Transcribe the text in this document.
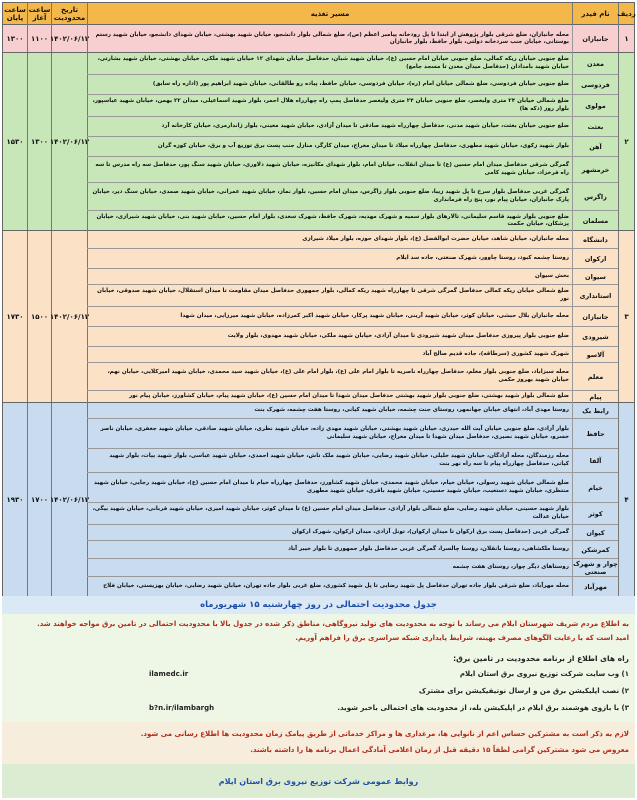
ردیف
نام فیدر
مسیر تغذیه
تاریخ محدودیت
ساعت آغاز
ساعت پایان
۱
۱۴۰۲/۰۶/۱۲
۱۱۰۰
۱۳۰۰	جانبازان
محله جانبازان، ضلع شرقی بلوار پژوهش از ابتدا تا پل رودخانه پیامبر اعظم (ص)، ضلع شمالی بلوار دانشجو، خیابان شهید بهشتی، خیابان شهدای دانشجو، خیابان شهید رستم بوستانی، خیابان جنب سردخانه دولتی، بلوار حافظ، بلوار جانبازان
۲
۱۴۰۲/۰۶/۱۲
۱۳۰۰
۱۵۳۰
معدن
ضلع جنوبی خیابان ریکه کمالی، ضلع جنوبی خیابان امام حسین (ع)، خیابان شهید شبان، حدفاصل خیابان شهدای ۱۲ خیابان شهید ملکی، خیابان بهشتی، خیابان شهید بشارتی، خیابان شهید بامدادان (حدفاصل میدان معدن تا مسجد جامع)
فردوسی
ضلع جنوبی خیابان فردوسی، ضلع شمالی خیابان امام (ره)، خیابان فردوسی، خیابان حافظ، پیاده رو طالقانی، خیابان شهید ابراهیم پور (اداره راه سابق)
مولوی
ضلع شمالی خیابان ۲۴ متری ولیعصر، ضلع جنوبی خیابان ۲۴ متری ولیعصر حدفاصل پمپ راه چهارراه هلال احمر، بلوار شهید اسماعیلی، میدان ۲۲ بهمن، خیابان شهید عباسپور، بلوار روز (دکه ها)
بعثت
ضلع جنوبی خیابان بعثت، خیابان شهید مدنی، حدفاصل چهارراه شهید صادقی تا میدان آزادی، خیابان شهید معینی، بلوار ژاندارمری، خیابان کارخانه آرد
آهن
بلوار شهید زکوی، خیابان شهید مطهری، حدفاصل چهارراه میلاد تا میدان معراج، میدان کارگر، منازل جنب پست برق توزیع آب و برق، خیابان کوزه گران
خرمشهر
گمرگی شرقی حدفاصل میدان امام حسین (ع) تا میدان انقلاب، خیابان امام، بلوار شهدای مکانیزه، خیابان شهید دلاوری، خیابان شهید سنگ پور، حدفاصل سه راه مدرس تا سه راه فرخزاد، خیابان شهید کامی
زاگرس
گمرگی غربی حدفاصل بلوار سرخ تا پل شهید زیبا، ضلع جنوبی بلوار زاگرس، میدان امام حسین، بلوار نماز، خیابان شهید عمرانی، خیابان شهید صمدی، خیابان سنگ دیر، خیابان پارک جانبازان، خیابان پیام نور، پنج راه فرمانداری
مسلمان
ضلع جنوبی بلوار شهید قاسم سلیمانی، تالارهای بلوار سمیه و شهرک مهدیه، شهرک حافظ، شهرک سعدی، بلوار امام حسین، خیابان شهید بنی، خیابان شهید شیرازی، خیابان پزشکان، خیابان حکمت
۳
۱۴۰۲/۰۶/۱۲
۱۵۰۰
۱۷۳۰
دانشگاه
محله جانبازان، خیابان شاهد، خیابان حضرت ابوالفضل (ع)، بلوار شهدای حوزه، بلوار میلاد شیرازی
ارکوان
روستا چشمه کبود، روستا چاوور، شهرک صنعتی، جاده سد ایلام
سیوان
بخش سیوان
استانداری
ضلع شمالی خیابان ریکه کمالی حدفاصل گمرگی شرقی تا چهارراه شهید ریکه کمالی، بلوار جمهوری حدفاصل میدان مقاومت تا میدان استقلال، خیابان شهید صدوقی، خیابان نور
جانبازان
محله جانبازان بلال حبشی، خیابان کوثر، خیابان شهید آرینی، خیابان شهید پرکار، خیابان شهید اکبر کمرزاده، خیابان شهید میرزایی، میدان شهدا
شیرودی
ضلع جنوبی بلوار پیروزی حدفاصل میدان شهید شیرودی تا میدان آزادی، خیابان شهید ملکی، خیابان شهید مهدوی، بلوار ولایت
آلاسو
شهرک شهید کشوری (سرطاقه)، جاده قدیم صالح آباد
معلم
محله سبزاباد، ضلع جنوبی بلوار معلم، حدفاصل چهارراه ناصریه تا بلوار امام علی (ع)، بلوار امام علی (ع)، خیابان شهید سید محمدی، خیابان شهید امیرکلایی، خیابان نهم، خیابان شهید بهروز حکمی
پیام
ضلع شمالی بلوار شهید بهشتی، ضلع جنوبی بلوار شهید بهشتی حدفاصل میدان شهدا تا میدان امام حسین (ع)، خیابان شهید پیام، خیابان کشاورز، خیابان پیام نور
۴
۱۴۰۲/۰۶/۱۲
۱۷۰۰
۱۹۳۰
رابط بک
روستا مهدی آباد، انتهای خیابان جهانمهر، روستای جنت چشمه، خیابان شهید کیانی، روستا هفت چشمه، شهرک بنت
حافظ
بلوار آزادی، ضلع جنوبی خیابان آیت الله حیدری، خیابان شهید بهشتی، خیابان شهید مهدی زاده، خیابان شهید نظری، خیابان شهید صادقی، خیابان شهید جعفری، خیابان ناصر خسرو، خیابان شهید نصیری، حدفاصل میدان شهدا تا میدان معراج، خیابان شهید سلیمانی
آلفا
محله رزمندگان، محله آزادگان، خیابان شهید خلیلی، خیابان شهید رضایی، خیابان شهید ملک تاش، خیابان شهید احمدی، خیابان شهید عباسی، بلوار شهید بیات، بلوار شهید کیانی، حدفاصل چهارراه پیام تا سه راه نهر بنت
خیام
ضلع شمالی خیابان شهید رسولی، خیابان خیام، خیابان شهید محمدی، خیابان شهید کشاورز، حدفاصل چهارراه خیام تا میدان امام حسین (ع)، خیابان شهید رجایی، خیابان شهید منتظری، خیابان شهید دستغیب، خیابان شهید حسینی، خیابان شهید باقری، خیابان شهید مطهری
کوثر
بلوار شهید حسینی، خیابان شهید رضایی، ضلع شمالی بلوار آزادی، حدفاصل میدان امام حسین (ع) تا میدان کوثر، خیابان شهید امیری، خیابان شهید قربانی، خیابان شهید بیگی، خیابان عدالت
کیوان
گمرگی غربی (حدفاصل پست برق ارکوان تا میدان ارکوان)، تونل آزادی، میدان ارکوان، شهرک ارکوان
کمرشکن
روستا ملکشاهی، روستا بانقلان، روستا چالسرا، گمرگی غربی حدفاصل بلوار جمهوری تا بلوار خیبر آباد
چوار و شهرک صنعتی
روستاهای دیگر چوار، روستای هفت چشمه
مهرآباد
محله مهرآباد، ضلع شرقی بلوار جاده تهران حدفاصل پل شهید رضایی تا پل شهید کشوری، ضلع غربی بلوار جاده تهران، خیابان شهید رضایی، خیابان بهزیستی، خیابان فلاح
جدول محدودیت احتمالی در روز چهارشنبه ۱۵ شهریورماه
به اطلاع مردم شریف شهرستان ایلام می رساند با توجه به محدودیت های تولید نیروگاهی، مناطق ذکر شده در جدول بالا با محدودیت احتمالی در تامین برق مواجه خواهند شد.
امید است که با رعایت الگوهای مصرف بهینه، شرایط پایداری شبکه سراسری برق را فراهم آوریم.
راه های اطلاع از برنامه محدودیت در تامین برق:
۱) وب سایت شرکت توزیع نیروی برق استان ایلام
ilamedc.ir
۲) نصب اپلیکیشن برق من و ارسال نوتیفیکیشن برای مشترک
۳) با بازوی هوشمند برق ایلام در اپلیکیشن بله، از محدودیت های احتمالی باخبر شوید.
b?n.ir/ilambargh
لازم به ذکر است به مشترکین حساس اعم از نانوایی ها، مرغداری ها و مراکز خدماتی از طریق پیامک زمان محدودیت ها اطلاع رسانی می شود.
معروض می شود مشترکین گرامی لطفاً ۱۵ دقیقه قبل از زمان اعلامی آمادگی اعمال برنامه ها را داشته باشند.
روابط عمومی شرکت توزیع نیروی برق استان ایلام
